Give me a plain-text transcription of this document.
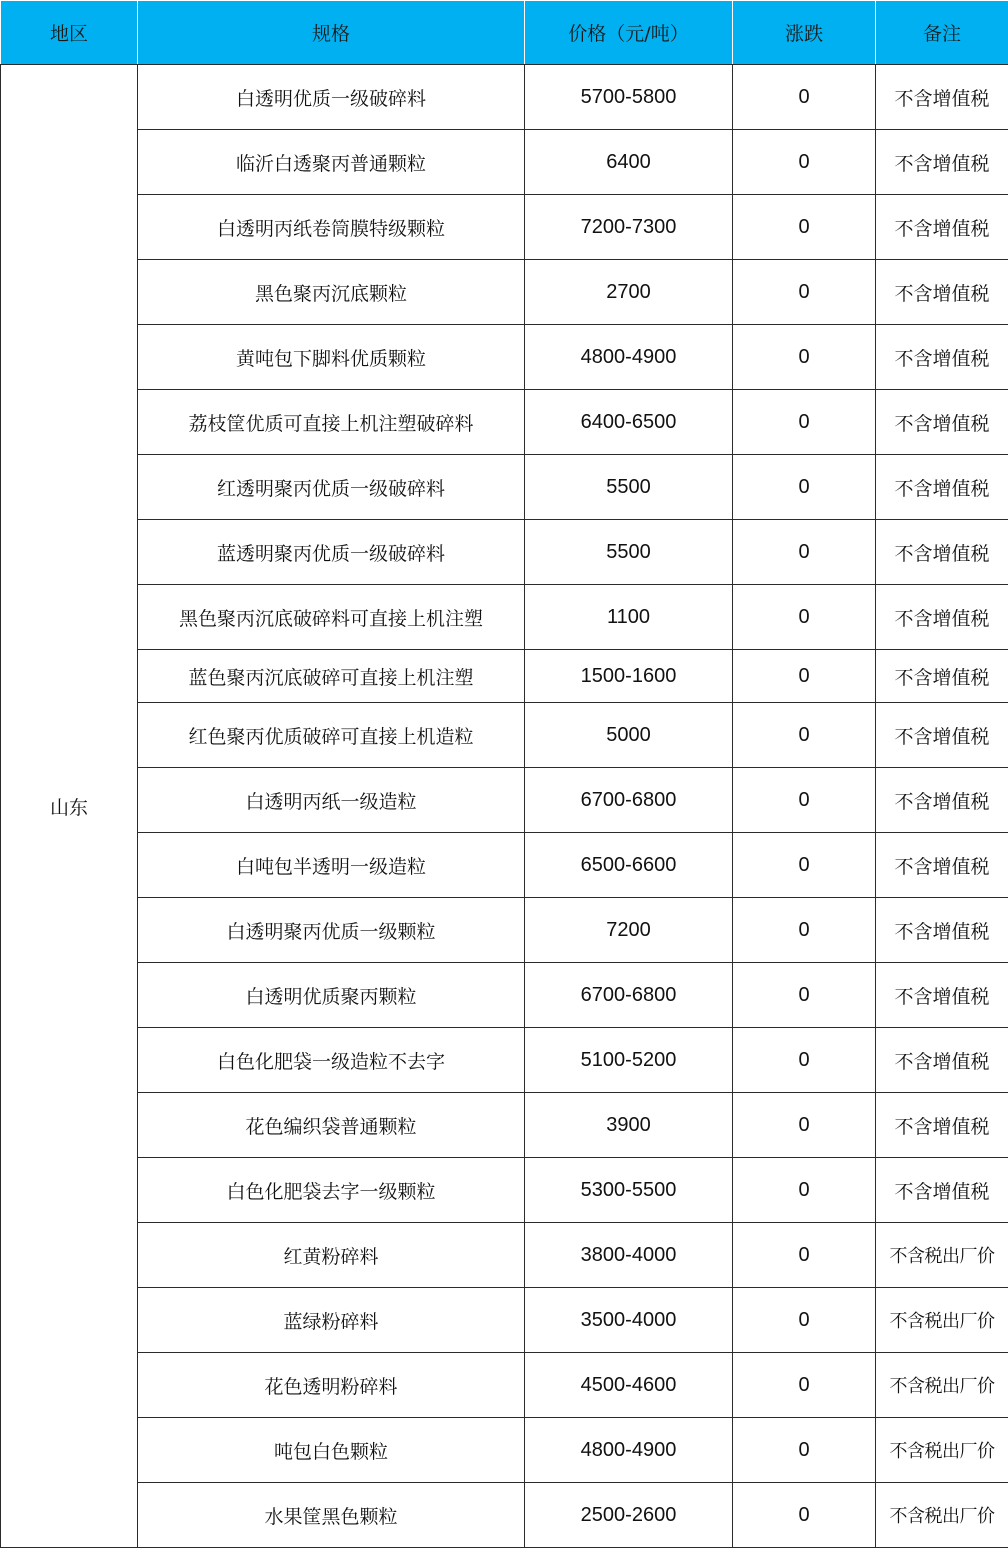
地区	规格	价格（元/吨）	涨跌	备注
山东	白透明优质一级破碎料	5700-5800	0	不含增值税
	临沂白透聚丙普通颗粒	6400	0	不含增值税
	白透明丙纸卷筒膜特级颗粒	7200-7300	0	不含增值税
	黑色聚丙沉底颗粒	2700	0	不含增值税
	黄吨包下脚料优质颗粒	4800-4900	0	不含增值税
	荔枝筐优质可直接上机注塑破碎料	6400-6500	0	不含增值税
	红透明聚丙优质一级破碎料	5500	0	不含增值税
	蓝透明聚丙优质一级破碎料	5500	0	不含增值税
	黑色聚丙沉底破碎料可直接上机注塑	1100	0	不含增值税
	蓝色聚丙沉底破碎可直接上机注塑	1500-1600	0	不含增值税
	红色聚丙优质破碎可直接上机造粒	5000	0	不含增值税
	白透明丙纸一级造粒	6700-6800	0	不含增值税
	白吨包半透明一级造粒	6500-6600	0	不含增值税
	白透明聚丙优质一级颗粒	7200	0	不含增值税
	白透明优质聚丙颗粒	6700-6800	0	不含增值税
	白色化肥袋一级造粒不去字	5100-5200	0	不含增值税
	花色编织袋普通颗粒	3900	0	不含增值税
	白色化肥袋去字一级颗粒	5300-5500	0	不含增值税
	红黄粉碎料	3800-4000	0	不含税出厂价
	蓝绿粉碎料	3500-4000	0	不含税出厂价
	花色透明粉碎料	4500-4600	0	不含税出厂价
	吨包白色颗粒	4800-4900	0	不含税出厂价
	水果筐黑色颗粒	2500-2600	0	不含税出厂价
